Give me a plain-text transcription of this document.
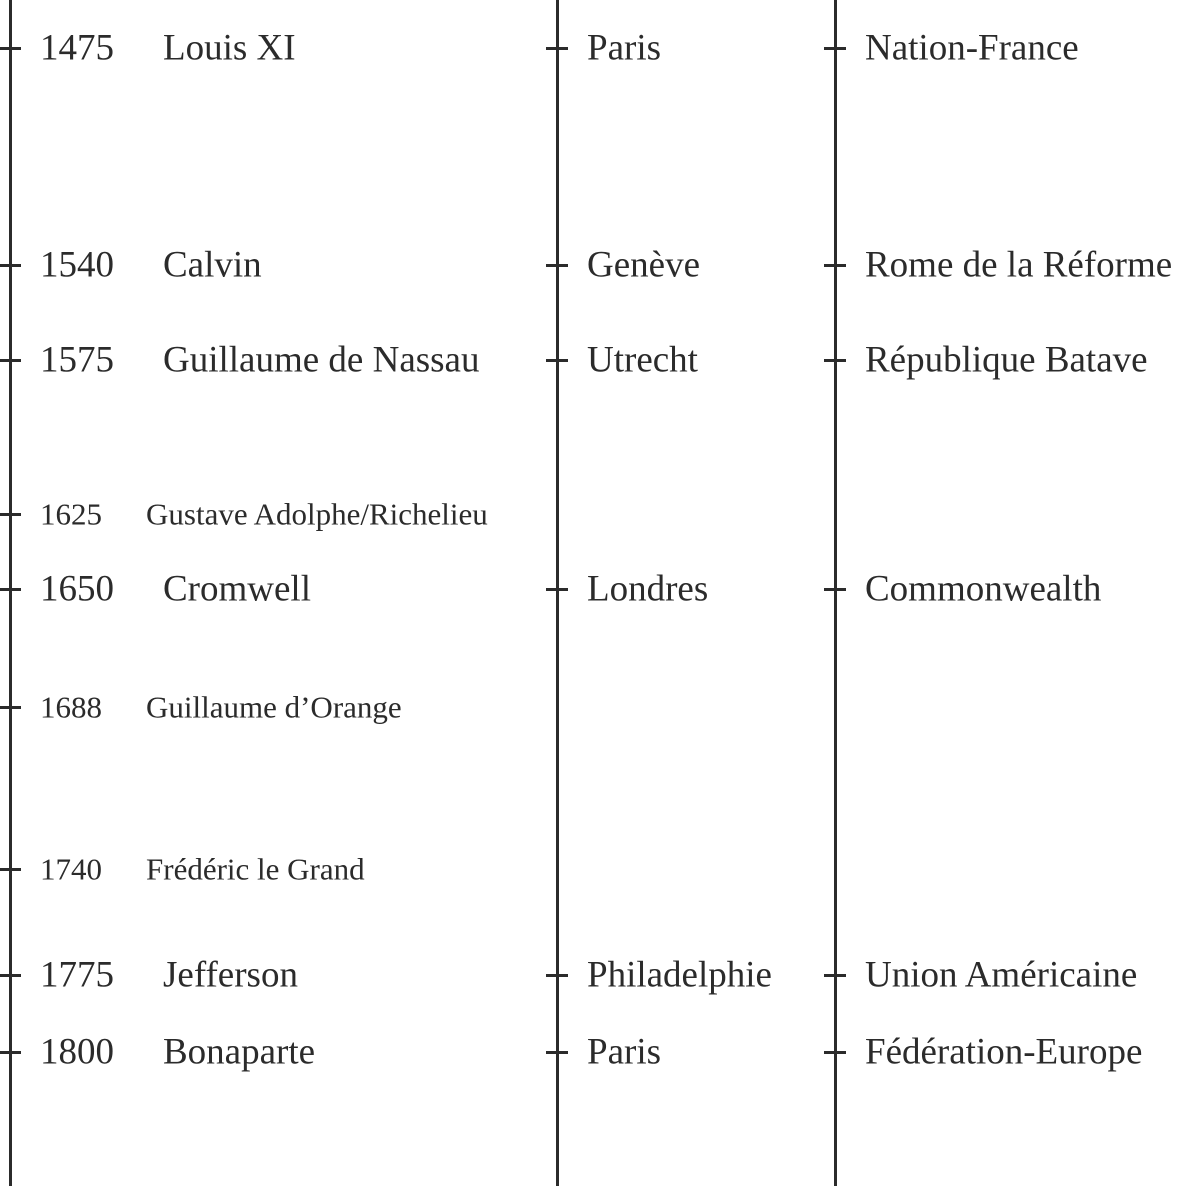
1475 Louis XI	Paris	Nation-France
1540 Calvin	Genève	Rome de la Réforme
1575 Guillaume de Nassau	Utrecht	République Batave
1625 Gustave Adolphe/Richelieu
1650 Cromwell	Londres	Commonwealth
1688 Guillaume d’Orange
1740 Frédéric le Grand
1775 Jefferson	Philadelphie	Union Américaine
1800 Bonaparte	Paris	Fédération-Europe
